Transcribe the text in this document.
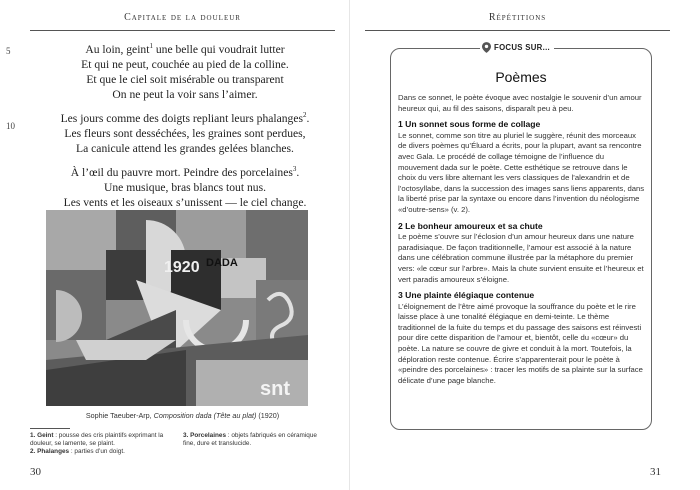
Capitale de la douleur
5
10
Au loin, geint$^1$ une belle qui voudrait lutter
Et qui ne peut, couchée au pied de la colline.
Et que le ciel soit misérable ou transparent
On ne peut la voir sans l’aimer.
Les jours comme des doigts repliant leurs phalanges$^2$.
Les fleurs sont desséchées, les graines sont perdues,
La canicule attend les grandes gelées blanches.
À l’œil du pauvre mort. Peindre des porcelaines$^3$.
Une musique, bras blancs tout nus.
Les vents et les oiseaux s’unissent — le ciel change.
1920 DADA
snt
Sophie Taeuber-Arp, Composition dada (Tête au plat) (1920)
1. Geint : pousse des cris plaintifs exprimant la douleur, se lamente, se plaint.
2. Phalanges : parties d’un doigt.
3. Porcelaines : objets fabriqués en céramique fine, dure et translucide.
30
Répétitions
Poèmes

Dans ce sonnet, le poète évoque avec nostalgie le souvenir d’un amour heureux qui, au fil des saisons, disparaît peu à peu.

1 Un sonnet sous forme de collage

Le sonnet, comme son titre au pluriel le suggère, réunit des morceaux de divers poèmes qu’Éluard a écrits, pour la plupart, avant sa rencontre avec Gala. Le procédé de collage témoigne de l’influence du mouvement dada sur le poète. Cette esthétique se retrouve dans le choix du vers libre alternant les vers classiques de l’alexandrin et de l’octosyllabe, dans la succession des images sans liens apparents, dans la liberté prise par la syntaxe ou encore dans l’invention du néologisme «d’outre-sens» (v. 2).

2 Le bonheur amoureux et sa chute

Le poème s’ouvre sur l’éclosion d’un amour heureux dans une nature paradisiaque. De façon traditionnelle, l’amour est associé à la nature dans une célébration commune illustrée par la métaphore du premier vers: «le cœur sur l’arbre». Mais la chute survient ensuite et l’heureux et vert paradis amoureux s’éloigne.

3 Une plainte élégiaque contenue

L’éloignement de l’être aimé provoque la souffrance du poète et le rire laisse place à une tonalité élégiaque en demi-teinte. Le thème traditionnel de la fuite du temps et du passage des saisons est réinvesti pour dire cette disparition de l’amour et, bientôt, celle du «cœur» du poète. La nature se couvre de givre et conduit à la mort. Toutefois, la déploration reste contenue. Écrire s’apparenterait pour le poète à «peindre des porcelaines» : tracer les motifs de sa plainte sur la surface délicate d’une page blanche.

FOCUS SUR...
31
